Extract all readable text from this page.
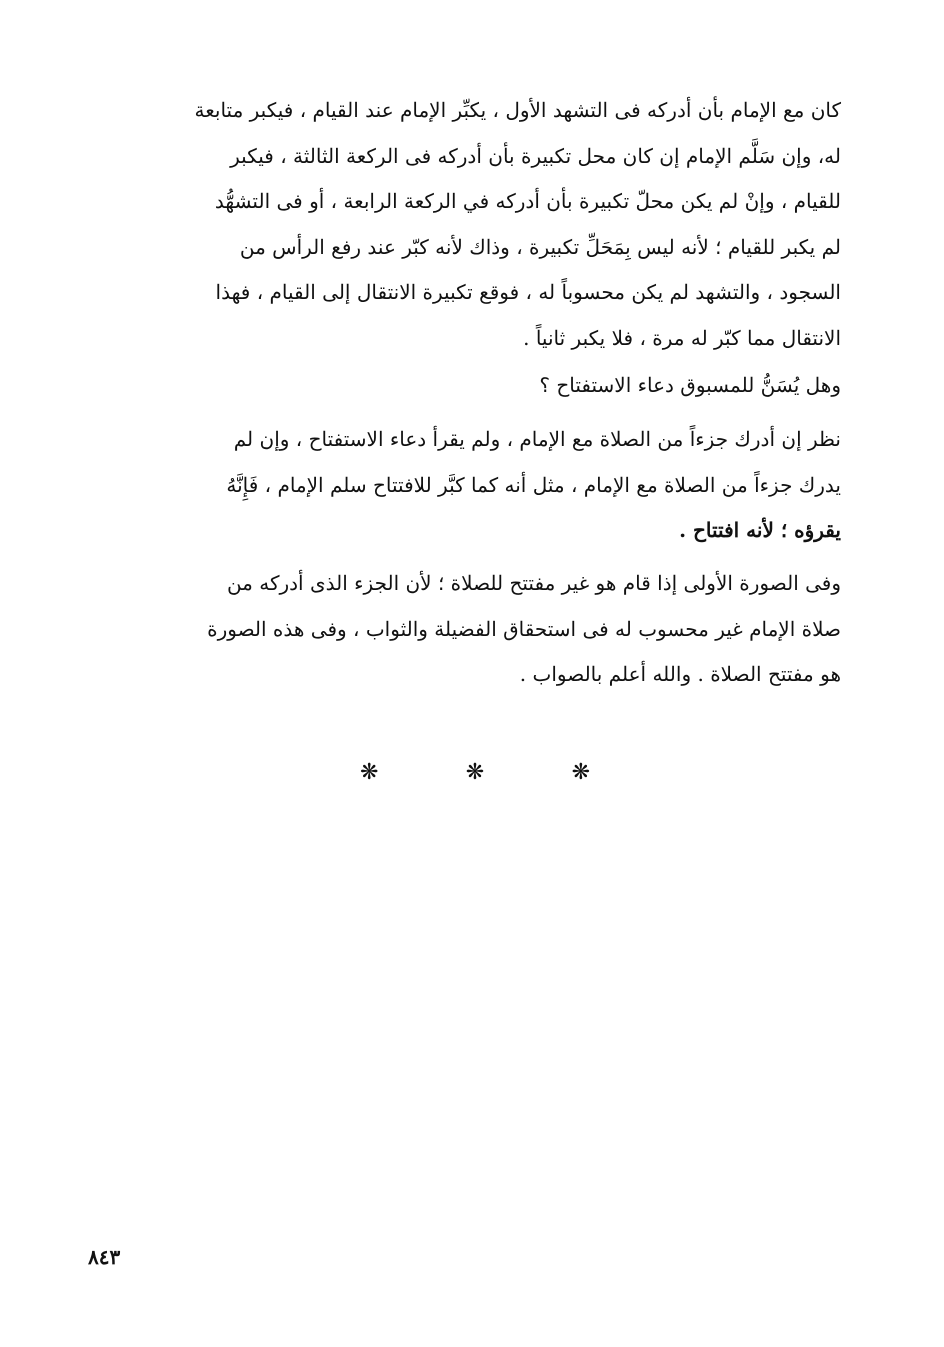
كان مع الإمام بأن أدركه فى التشهد الأول ، يكبِّر الإمام عند القيام ، فيكبر متابعة
له، وإن سَلَّم الإمام إن كان محل تكبيرة بأن أدركه فى الركعة الثالثة ، فيكبر
للقيام ، وإنْ لم يكن محلّ تكبيرة بأن أدركه في الركعة الرابعة ، أو فى التشهُّد
لم يكبر للقيام ؛ لأنه ليس بِمَحَلِّ تكبيرة ، وذاك لأنه كبّر عند رفع الرأس من
السجود ، والتشهد لم يكن محسوباً له ، فوقع تكبيرة الانتقال إلى القيام ، فهذا
الانتقال مما كبّر له مرة ، فلا يكبر ثانياً .
وهل يُسَنُّ للمسبوق دعاء الاستفتاح ؟
نظر إن أدرك جزءاً من الصلاة مع الإمام ، ولم يقرأ دعاء الاستفتاح ، وإن لم
يدرك جزءاً من الصلاة مع الإمام ، مثل أنه كما كبَّر للافتتاح سلم الإمام ، فَإِنَّهُ
يقرؤه ؛ لأنه افتتاح .
وفى الصورة الأولى إذا قام هو غير مفتتح للصلاة ؛ لأن الجزء الذى أدركه من
صلاة الإمام غير محسوب له فى استحقاق الفضيلة والثواب ، وفى هذه الصورة
هو مفتتح الصلاة . والله أعلم بالصواب .
❋	❋	❋
٨٤٣
